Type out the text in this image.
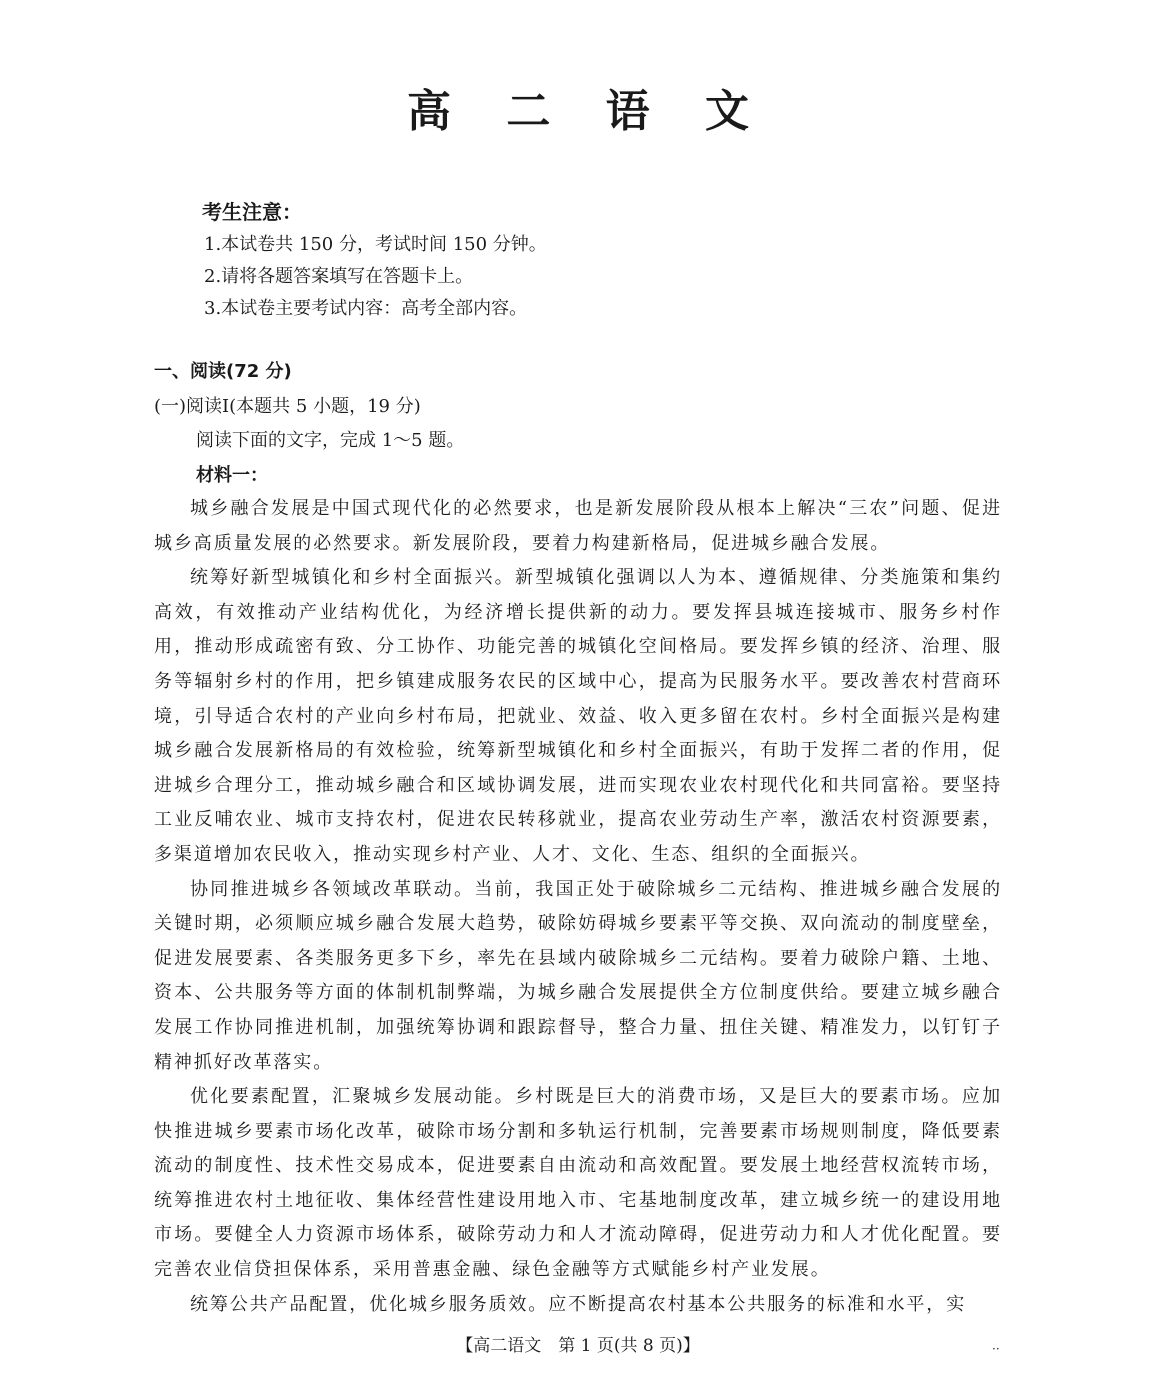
高 二 语 文
考生注意：
1.本试卷共 150 分，考试时间 150 分钟。
2.请将各题答案填写在答题卡上。
3.本试卷主要考试内容：高考全部内容。
一、阅读(72 分)
(一)阅读Ⅰ(本题共 5 小题，19 分)
阅读下面的文字，完成 1～5 题。
材料一：

城乡融合发展是中国式现代化的必然要求，也是新发展阶段从根本上解决“三农”问题、促进城乡高质量发展的必然要求。新发展阶段，要着力构建新格局，促进城乡融合发展。

统筹好新型城镇化和乡村全面振兴。新型城镇化强调以人为本、遵循规律、分类施策和集约高效，有效推动产业结构优化，为经济增长提供新的动力。要发挥县城连接城市、服务乡村作用，推动形成疏密有致、分工协作、功能完善的城镇化空间格局。要发挥乡镇的经济、治理、服务等辐射乡村的作用，把乡镇建成服务农民的区域中心，提高为民服务水平。要改善农村营商环境，引导适合农村的产业向乡村布局，把就业、效益、收入更多留在农村。乡村全面振兴是构建城乡融合发展新格局的有效检验，统筹新型城镇化和乡村全面振兴，有助于发挥二者的作用，促进城乡合理分工，推动城乡融合和区域协调发展，进而实现农业农村现代化和共同富裕。要坚持工业反哺农业、城市支持农村，促进农民转移就业，提高农业劳动生产率，激活农村资源要素，多渠道增加农民收入，推动实现乡村产业、人才、文化、生态、组织的全面振兴。

协同推进城乡各领域改革联动。当前，我国正处于破除城乡二元结构、推进城乡融合发展的关键时期，必须顺应城乡融合发展大趋势，破除妨碍城乡要素平等交换、双向流动的制度壁垒，促进发展要素、各类服务更多下乡，率先在县域内破除城乡二元结构。要着力破除户籍、土地、资本、公共服务等方面的体制机制弊端，为城乡融合发展提供全方位制度供给。要建立城乡融合发展工作协同推进机制，加强统筹协调和跟踪督导，整合力量、扭住关键、精准发力，以钉钉子精神抓好改革落实。

优化要素配置，汇聚城乡发展动能。乡村既是巨大的消费市场，又是巨大的要素市场。应加快推进城乡要素市场化改革，破除市场分割和多轨运行机制，完善要素市场规则制度，降低要素流动的制度性、技术性交易成本，促进要素自由流动和高效配置。要发展土地经营权流转市场，统筹推进农村土地征收、集体经营性建设用地入市、宅基地制度改革，建立城乡统一的建设用地市场。要健全人力资源市场体系，破除劳动力和人才流动障碍，促进劳动力和人才优化配置。要完善农业信贷担保体系，采用普惠金融、绿色金融等方式赋能乡村产业发展。

统筹公共产品配置，优化城乡服务质效。应不断提高农村基本公共服务的标准和水平，实

【高二语文　第 1 页(共 8 页)】	··
